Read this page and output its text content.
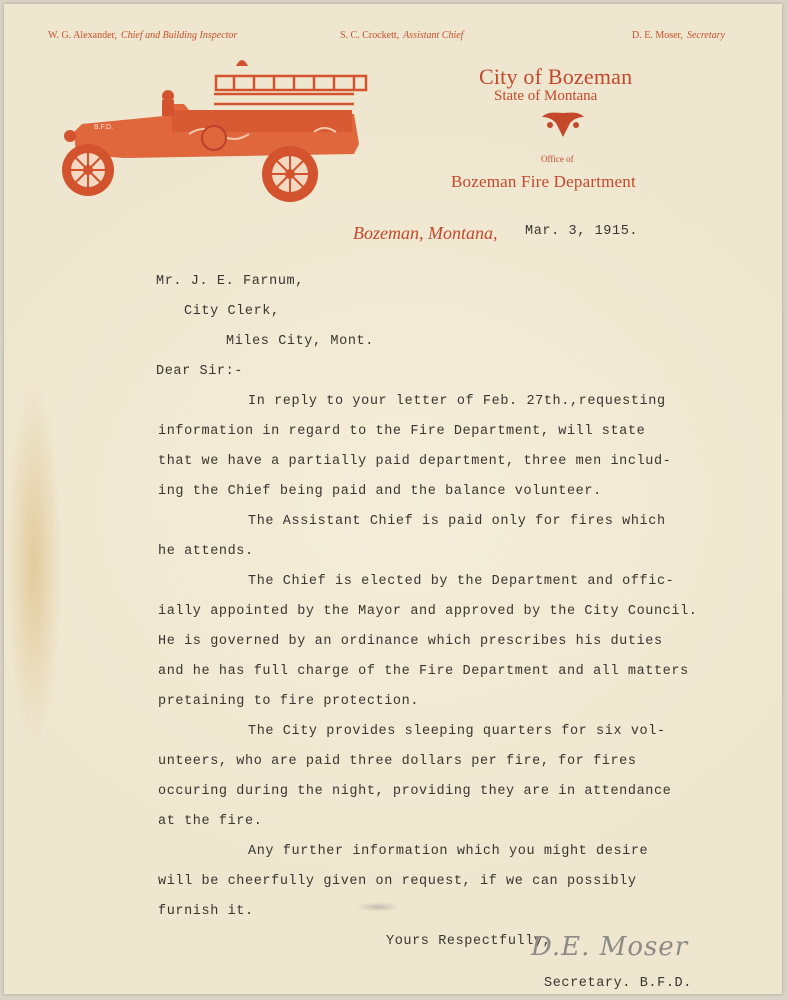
W. G. Alexander, Chief and Building Inspector	S. C. Crockett, Assistant Chief	D. E. Moser, Secretary
B.F.D.
City of Bozeman
State of Montana
Office of
Bozeman Fire Department
Bozeman, Montana, Mar. 3, 1915.
Mr. J. E. Farnum,
City Clerk,
Miles City, Mont.
Dear Sir:-
In reply to your letter of Feb. 27th.,requesting
information in regard to the Fire Department, will state
that we have a partially paid department, three men includ-
ing the Chief being paid and the balance volunteer.
The Assistant Chief is paid only for fires which
he attends.
The Chief is elected by the Department and offic-
ially appointed by the Mayor and approved by the City Council.
He is governed by an ordinance which prescribes his duties
and he has full charge of the Fire Department and all matters
pretaining to fire protection.
The City provides sleeping quarters for six vol-
unteers, who are paid three dollars per fire, for fires
occuring during the night, providing they are in attendance
at the fire.
Any further information which you might desire
will be cheerfully given on request, if we can possibly
furnish it.
Yours Respectfully,
D.E. Moser
Secretary. B.F.D.
